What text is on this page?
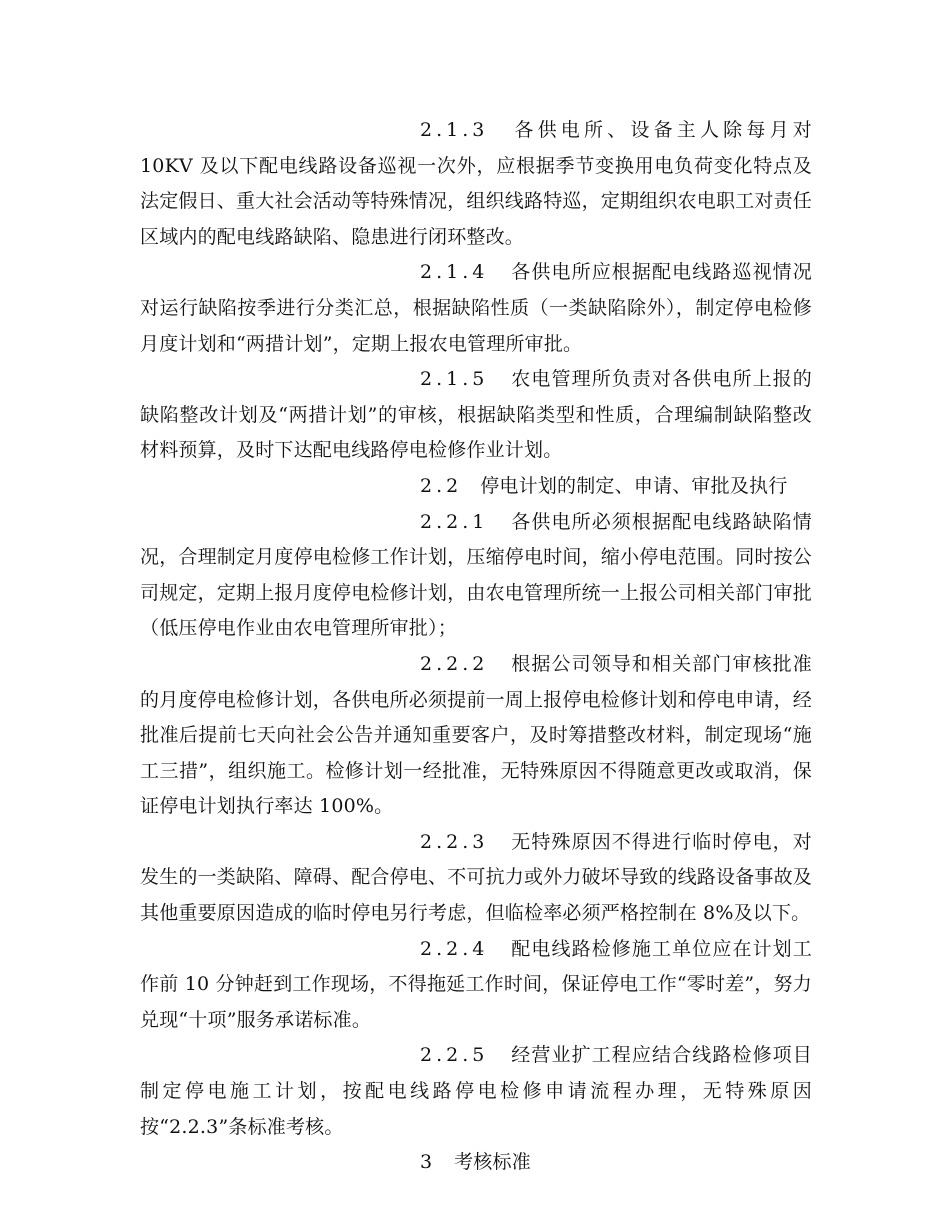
2.1.3 各供电所、设备主人除每月对 10KV 及以下配电线路设备巡视一次外，应根据季节变换用电负荷变化特点及法定假日、重大社会活动等特殊情况，组织线路特巡，定期组织农电职工对责任区域内的配电线路缺陷、隐患进行闭环整改。

2.1.4 各供电所应根据配电线路巡视情况对运行缺陷按季进行分类汇总，根据缺陷性质（一类缺陷除外），制定停电检修月度计划和“两措计划”，定期上报农电管理所审批。

2.1.5 农电管理所负责对各供电所上报的缺陷整改计划及“两措计划”的审核，根据缺陷类型和性质，合理编制缺陷整改材料预算，及时下达配电线路停电检修作业计划。

2.2 停电计划的制定、申请、审批及执行

2.2.1 各供电所必须根据配电线路缺陷情况，合理制定月度停电检修工作计划，压缩停电时间，缩小停电范围。同时按公司规定，定期上报月度停电检修计划，由农电管理所统一上报公司相关部门审批（低压停电作业由农电管理所审批）；

2.2.2 根据公司领导和相关部门审核批准的月度停电检修计划，各供电所必须提前一周上报停电检修计划和停电申请，经批准后提前七天向社会公告并通知重要客户，及时筹措整改材料，制定现场“施工三措”，组织施工。检修计划一经批准，无特殊原因不得随意更改或取消，保证停电计划执行率达 100%。

2.2.3 无特殊原因不得进行临时停电，对发生的一类缺陷、障碍、配合停电、不可抗力或外力破坏导致的线路设备事故及其他重要原因造成的临时停电另行考虑，但临检率必须严格控制在 8%及以下。

2.2.4 配电线路检修施工单位应在计划工作前 10 分钟赶到工作现场，不得拖延工作时间，保证停电工作“零时差”，努力兑现“十项”服务承诺标准。

2.2.5 经营业扩工程应结合线路检修项目制定停电施工计划，按配电线路停电检修申请流程办理，无特殊原因按“2.2.3”条标准考核。

3 考核标准
